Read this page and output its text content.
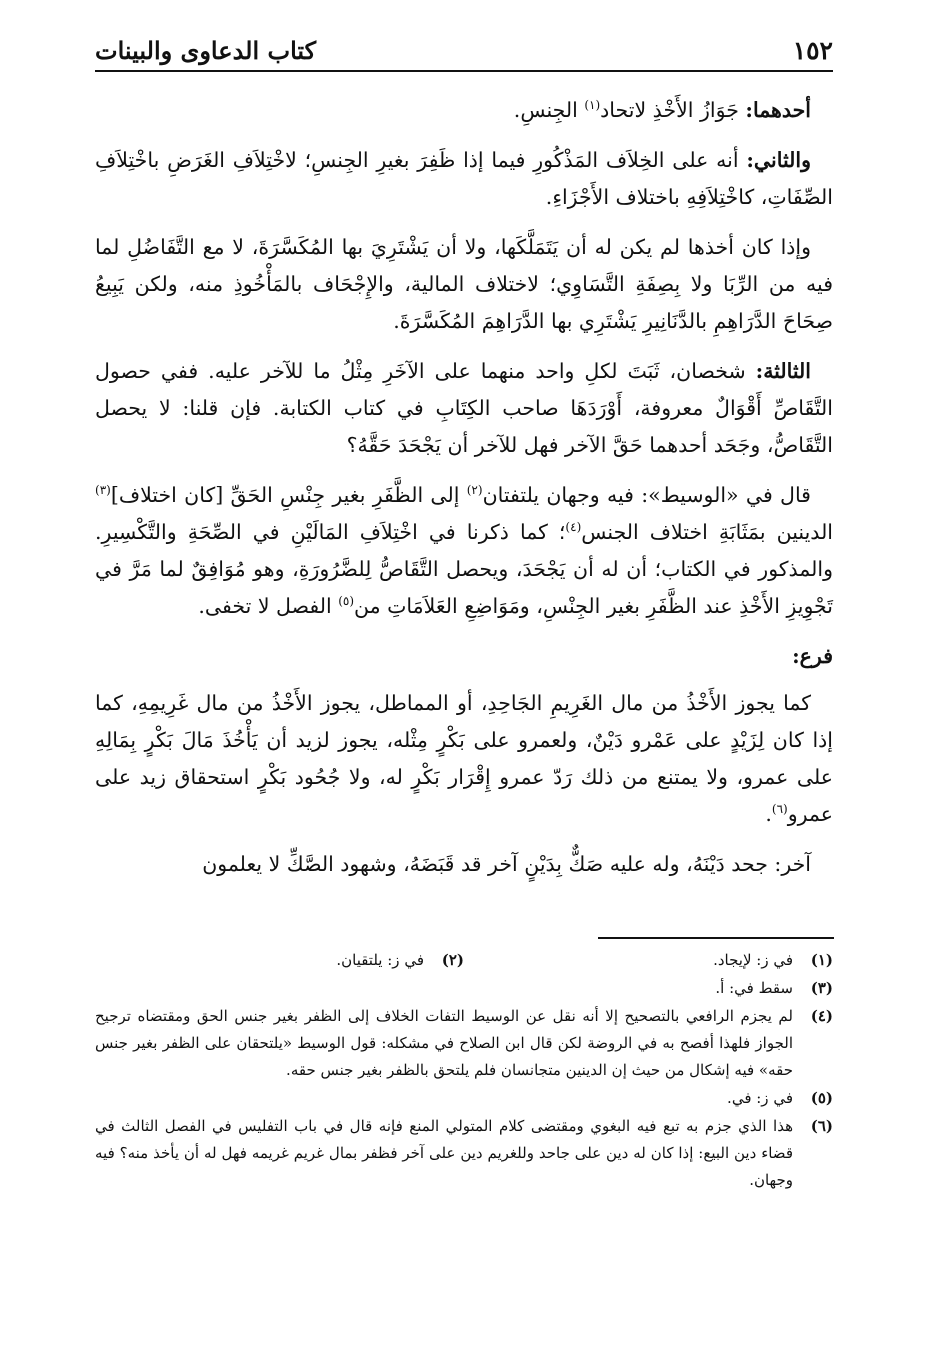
١٥٢
كتاب الدعاوى والبينات

أحدهما: جَوَازُ الأَخْذِ لاتحاد$^{(١)}$ الجِنسِ.

والثاني: أنه على الخِلاَف المَذْكُورِ فيما إذا ظَفِرَ بغيرِ الجِنسِ؛ لاخْتِلاَفِ الغَرَضِ باخْتِلاَفِ الصِّفَاتِ، كاخْتِلاَفِهِ باختلاف الأَجْزَاءِ.

وإذا كان أخذها لم يكن له أن يَتَمَلَّكَها، ولا أن يَشْتَرِيَ بها المُكَسَّرَةَ، لا مع التَّفَاضُلِ لما فيه من الرِّبَا ولا بِصِفَةِ التَّسَاوِي؛ لاختلاف المالية، والإِجْحَاف بالمَأْخُوذِ منه، ولكن يَبِيعُ صِحَاحَ الدَّرَاهِمِ بالدَّنَانِيرِ يَشْتَرِي بها الدَّرَاهِمَ المُكَسَّرَةَ.

الثالثة: شخصان، ثَبَتَ لكلِ واحد منهما على الآخَرِ مِثْلُ ما للآخر عليه. ففي حصول التَّقَاصِّ أَقْوَالٌ معروفة، أَوْرَدَهَا صاحب الكِتَابِ في كتاب الكتابة. فإن قلنا: لا يحصل التَّقَاصُّ، وجَحَد أحدهما حَقَّ الآخر فهل للآخر أن يَجْحَدَ حَقَّهُ؟

قال في «الوسيط»: فيه وجهان يلتفتان$^{(٢)}$ إلى الظَّفَرِ بغير جِنْسِ الحَقِّ [كان اختلاف]$^{(٣)}$ الدينين بمَثَابَةِ اختلاف الجنس$^{(٤)}$؛ كما ذكرنا في اخْتِلاَفِ المَالَيْنِ في الصِّحَةِ والتَّكْسِيرِ. والمذكور في الكتاب؛ أن له أن يَجْحَدَ، ويحصل التَّقَاصُّ لِلضَّرُورَةِ، وهو مُوَافِقٌ لما مَرَّ في تَجْوِيزِ الأَخْذِ عند الظَّفَرِ بغير الجِنْسِ، ومَوَاضِعِ العَلاَمَاتِ من$^{(٥)}$ الفصل لا تخفى.

فرع:

كما يجوز الأَخْذُ من مال الغَرِيمِ الجَاحِدِ، أو المماطل، يجوز الأَخْذُ من مال غَرِيمِهِ، كما إذا كان لِزَيْدٍ على عَمْرو دَيْنٌ، ولعمرو على بَكْرٍ مِثْله، يجوز لزيد أن يَأْخُذَ مَالَ بَكْرٍ بِمَالِهِ على عمرو، ولا يمتنع من ذلك رَدّ عمرو إِقْرَار بَكْرٍ له، ولا جُحُود بَكْرٍ استحقاق زيد على عمرو$^{(٦)}$.

آخر: جحد دَيْنَهُ، وله عليه صَكٌّ بِدَيْنٍ آخر قد قَبَضَهُ، وشهود الصَّكِّ لا يعلمون

(١)
في ز: لإيجاد.
(٢)
في ز: يلتقيان.
(٣)
سقط في: أ.
(٤)
لم يجزم الرافعي بالتصحيح إلا أنه نقل عن الوسيط التفات الخلاف إلى الظفر بغير جنس الحق ومقتضاه ترجيح الجواز فلهذا أفصح به في الروضة لكن قال ابن الصلاح في مشكله: قول الوسيط «يلتحقان على الظفر بغير جنس حقه» فيه إشكال من حيث إن الدينين متجانسان فلم يلتحق بالظفر بغير جنس حقه.
(٥)
في ز: في.
(٦)
هذا الذي جزم به تبع فيه البغوي ومقتضى كلام المتولي المنع فإنه قال في باب التفليس في الفصل الثالث في قضاء دين البيع: إذا كان له دين على جاحد وللغريم دين على آخر فظفر بمال غريم غريمه فهل له أن يأخذ منه؟ فيه وجهان.
